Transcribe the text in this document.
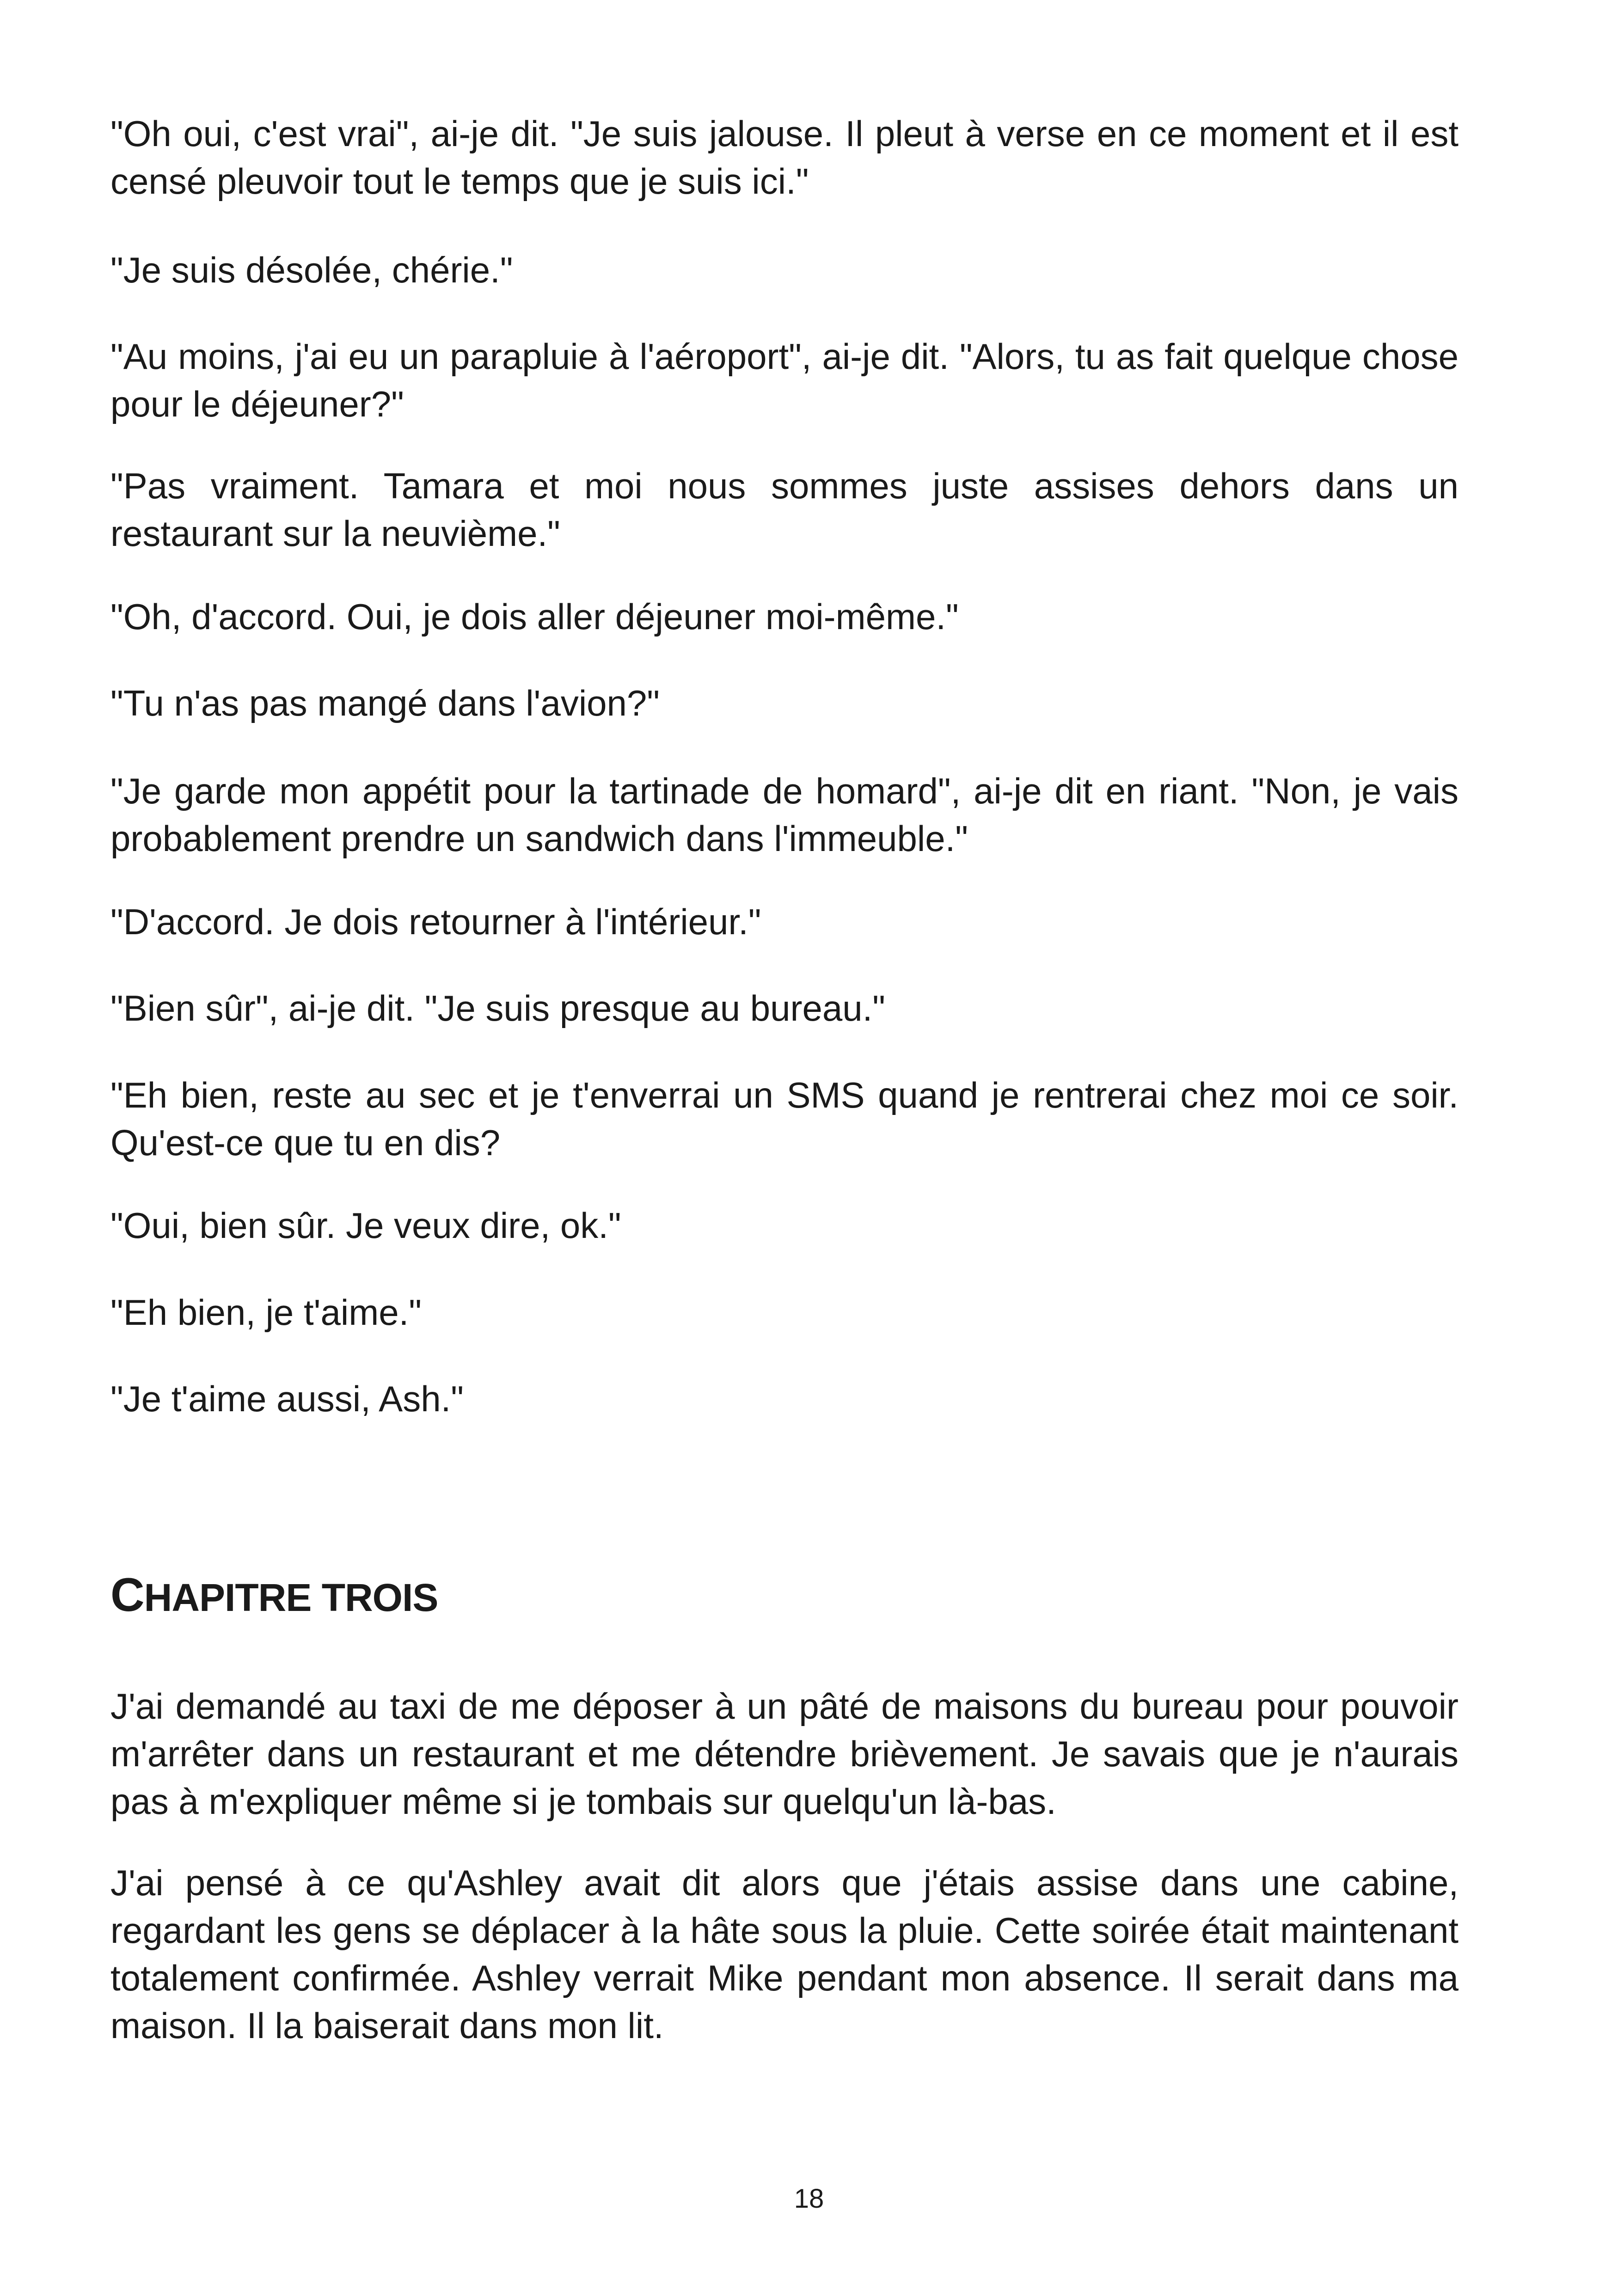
"Oh oui, c'est vrai", ai-je dit. "Je suis jalouse. Il pleut à verse en ce moment et il est censé pleuvoir tout le temps que je suis ici."

"Je suis désolée, chérie."

"Au moins, j'ai eu un parapluie à l'aéroport", ai-je dit. "Alors, tu as fait quelque chose pour le déjeuner?"

"Pas vraiment. Tamara et moi nous sommes juste assises dehors dans un restaurant sur la neuvième."

"Oh, d'accord. Oui, je dois aller déjeuner moi-même."

"Tu n'as pas mangé dans l'avion?"

"Je garde mon appétit pour la tartinade de homard", ai-je dit en riant. "Non, je vais probablement prendre un sandwich dans l'immeuble."

"D'accord. Je dois retourner à l'intérieur."

"Bien sûr", ai-je dit. "Je suis presque au bureau."

"Eh bien, reste au sec et je t'enverrai un SMS quand je rentrerai chez moi ce soir. Qu'est-ce que tu en dis?

"Oui, bien sûr. Je veux dire, ok."

"Eh bien, je t'aime."

"Je t'aime aussi, Ash."

CHAPITRE TROIS

J'ai demandé au taxi de me déposer à un pâté de maisons du bureau pour pouvoir m'arrêter dans un restaurant et me détendre brièvement. Je savais que je n'aurais pas à m'expliquer même si je tombais sur quelqu'un là-bas.

J'ai pensé à ce qu'Ashley avait dit alors que j'étais assise dans une cabine, regardant les gens se déplacer à la hâte sous la pluie. Cette soirée était maintenant totalement confirmée. Ashley verrait Mike pendant mon absence. Il serait dans ma maison. Il la baiserait dans mon lit.

18
